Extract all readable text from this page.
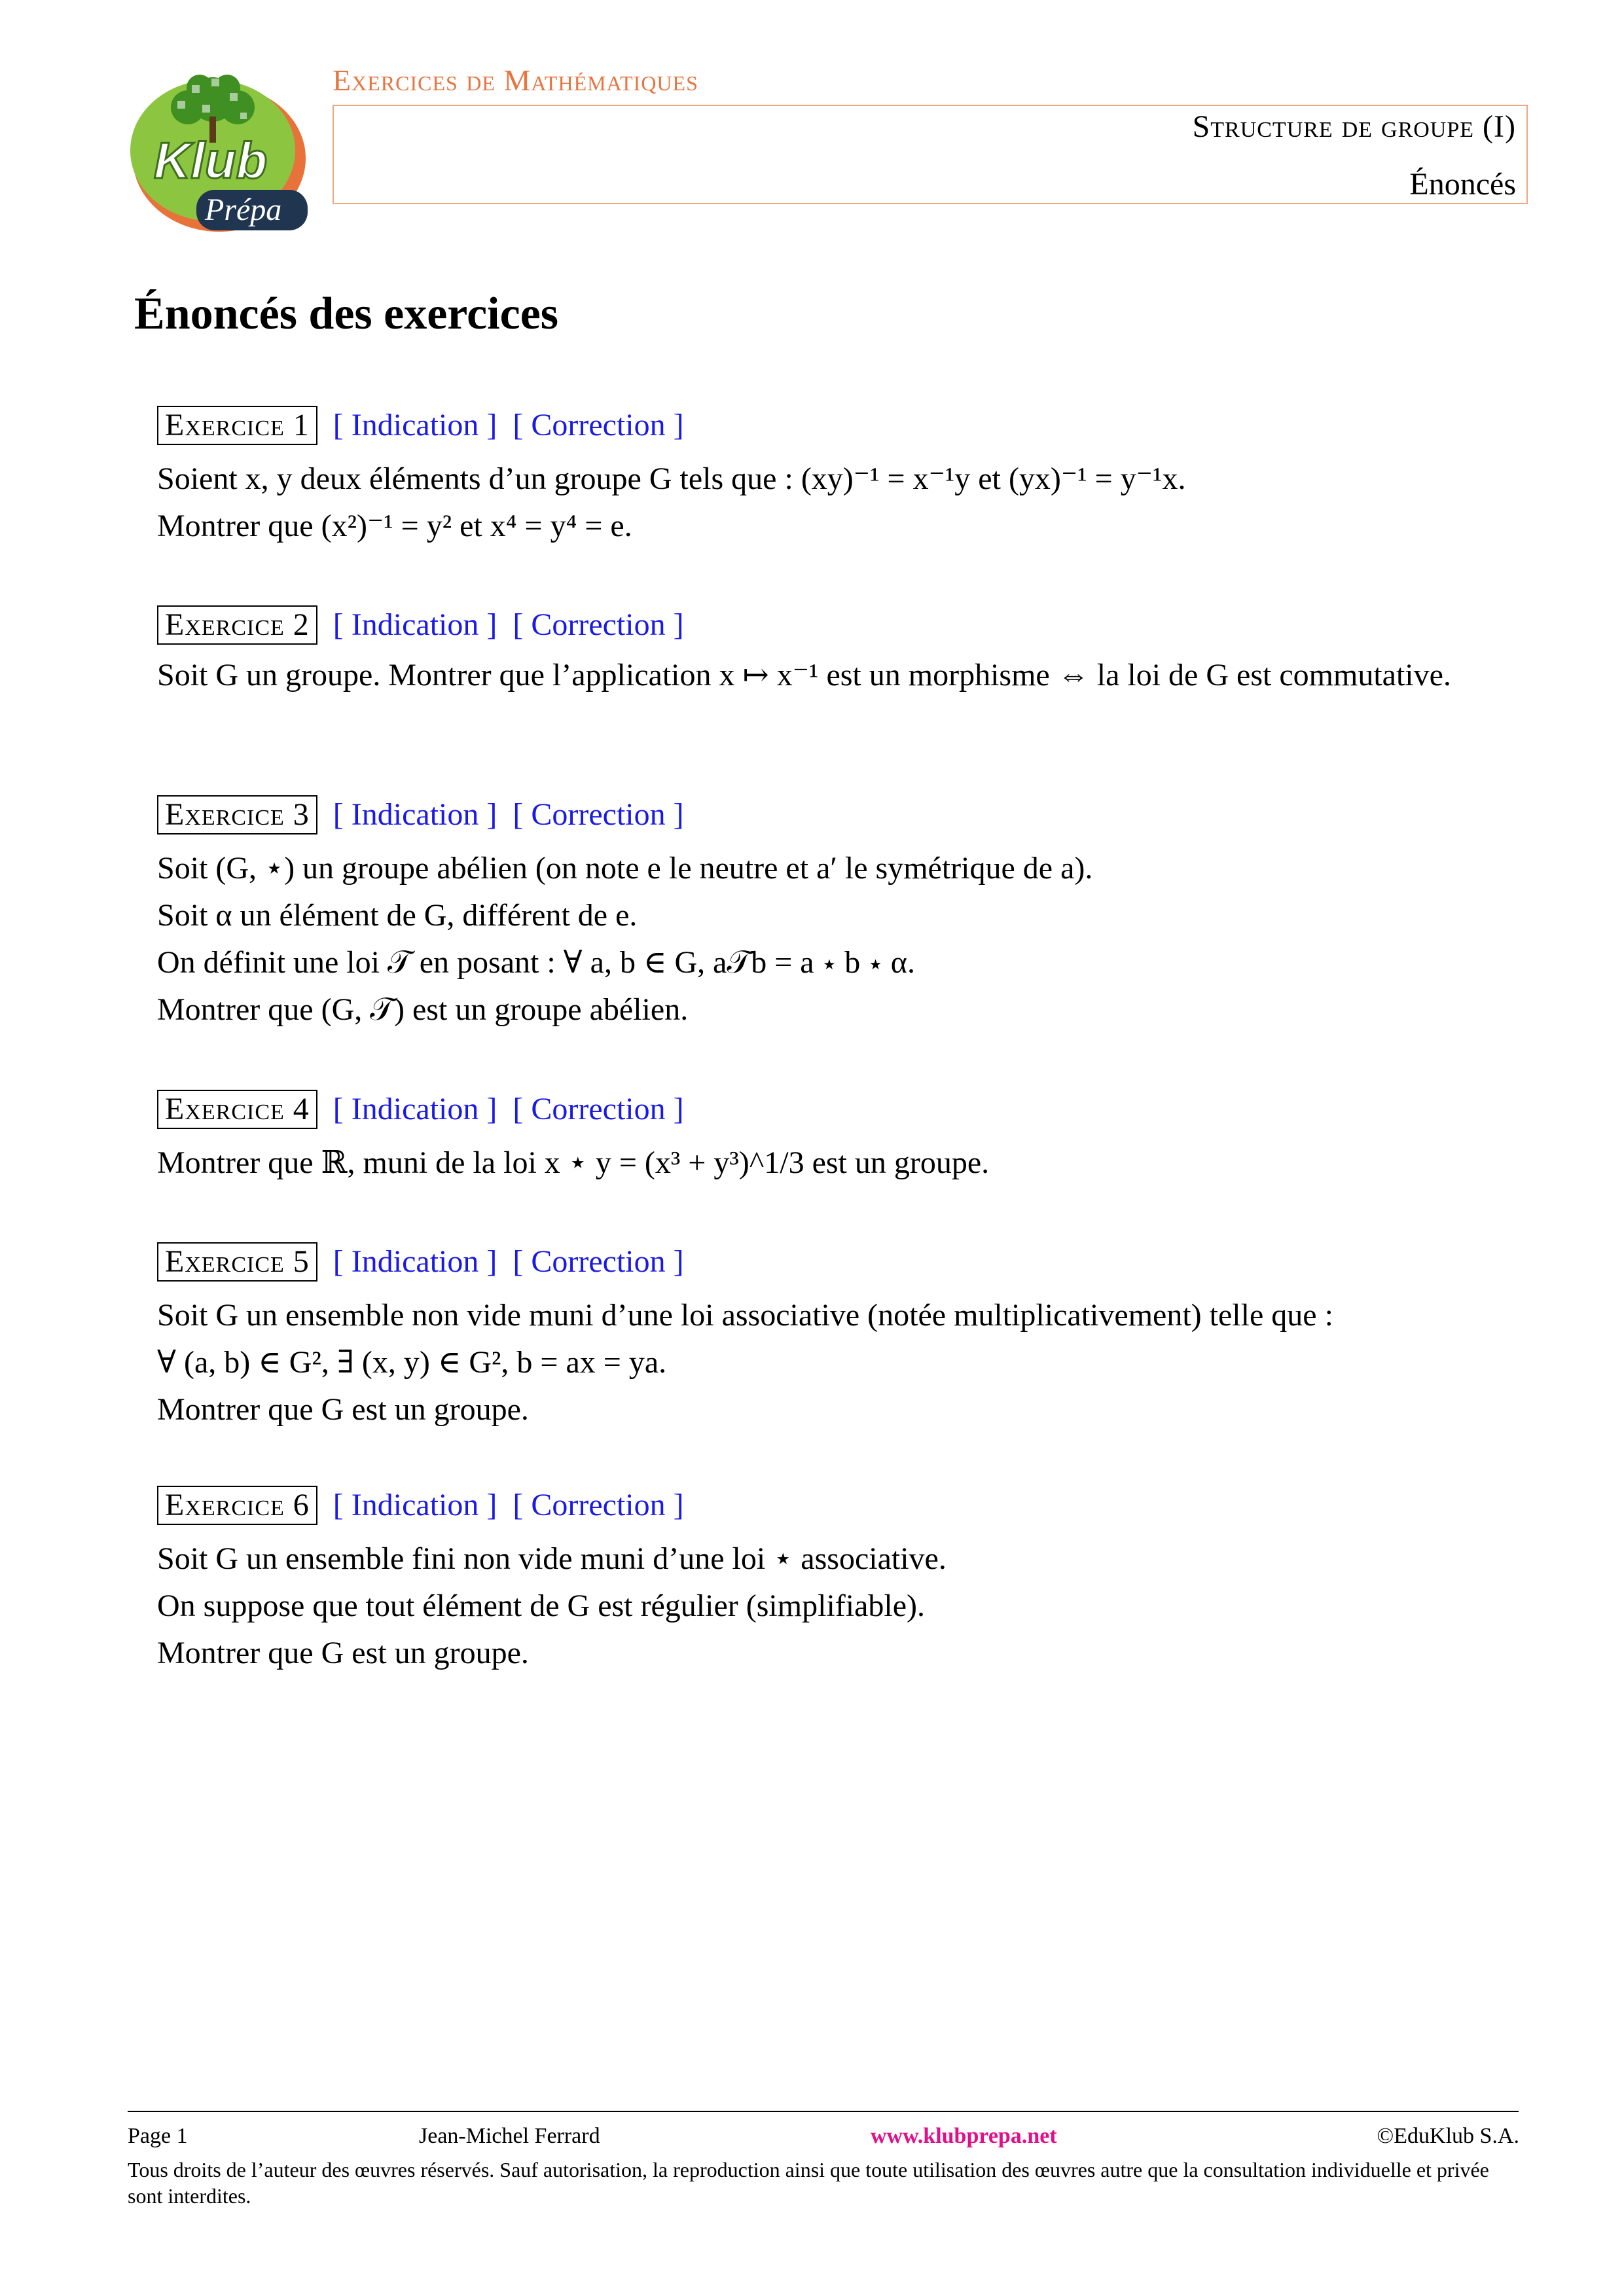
Klub
Prépa
Exercices de Mathématiques
Structure de groupe (I)
Énoncés
Énoncés des exercices
Exercice 1 [ Indication ] [ Correction ]
Soient x, y deux éléments d’un groupe G tels que : (xy)⁻¹ = x⁻¹y et (yx)⁻¹ = y⁻¹x.
Montrer que (x²)⁻¹ = y² et x⁴ = y⁴ = e.
Exercice 2 [ Indication ] [ Correction ]
Soit G un groupe. Montrer que l’application x ↦ x⁻¹ est un morphisme ⇔ la loi de G est commutative.
Exercice 3 [ Indication ] [ Correction ]
Soit (G, ⋆) un groupe abélien (on note e le neutre et a′ le symétrique de a).
Soit α un élément de G, différent de e.
On définit une loi 𝒯 en posant : ∀ a, b ∈ G, a𝒯b = a ⋆ b ⋆ α.
Montrer que (G, 𝒯) est un groupe abélien.
Exercice 4 [ Indication ] [ Correction ]
Montrer que ℝ, muni de la loi x ⋆ y = (x³ + y³)^1/3 est un groupe.
Exercice 5 [ Indication ] [ Correction ]
Soit G un ensemble non vide muni d’une loi associative (notée multiplicativement) telle que :
∀ (a, b) ∈ G², ∃ (x, y) ∈ G², b = ax = ya.
Montrer que G est un groupe.
Exercice 6 [ Indication ] [ Correction ]
Soit G un ensemble fini non vide muni d’une loi ⋆ associative.
On suppose que tout élément de G est régulier (simplifiable).
Montrer que G est un groupe.
Page 1	Jean-Michel Ferrard	www.klubprepa.net	©EduKlub S.A.
Tous droits de l’auteur des œuvres réservés. Sauf autorisation, la reproduction ainsi que toute utilisation des œuvres autre que la consultation individuelle et privée sont interdites.
